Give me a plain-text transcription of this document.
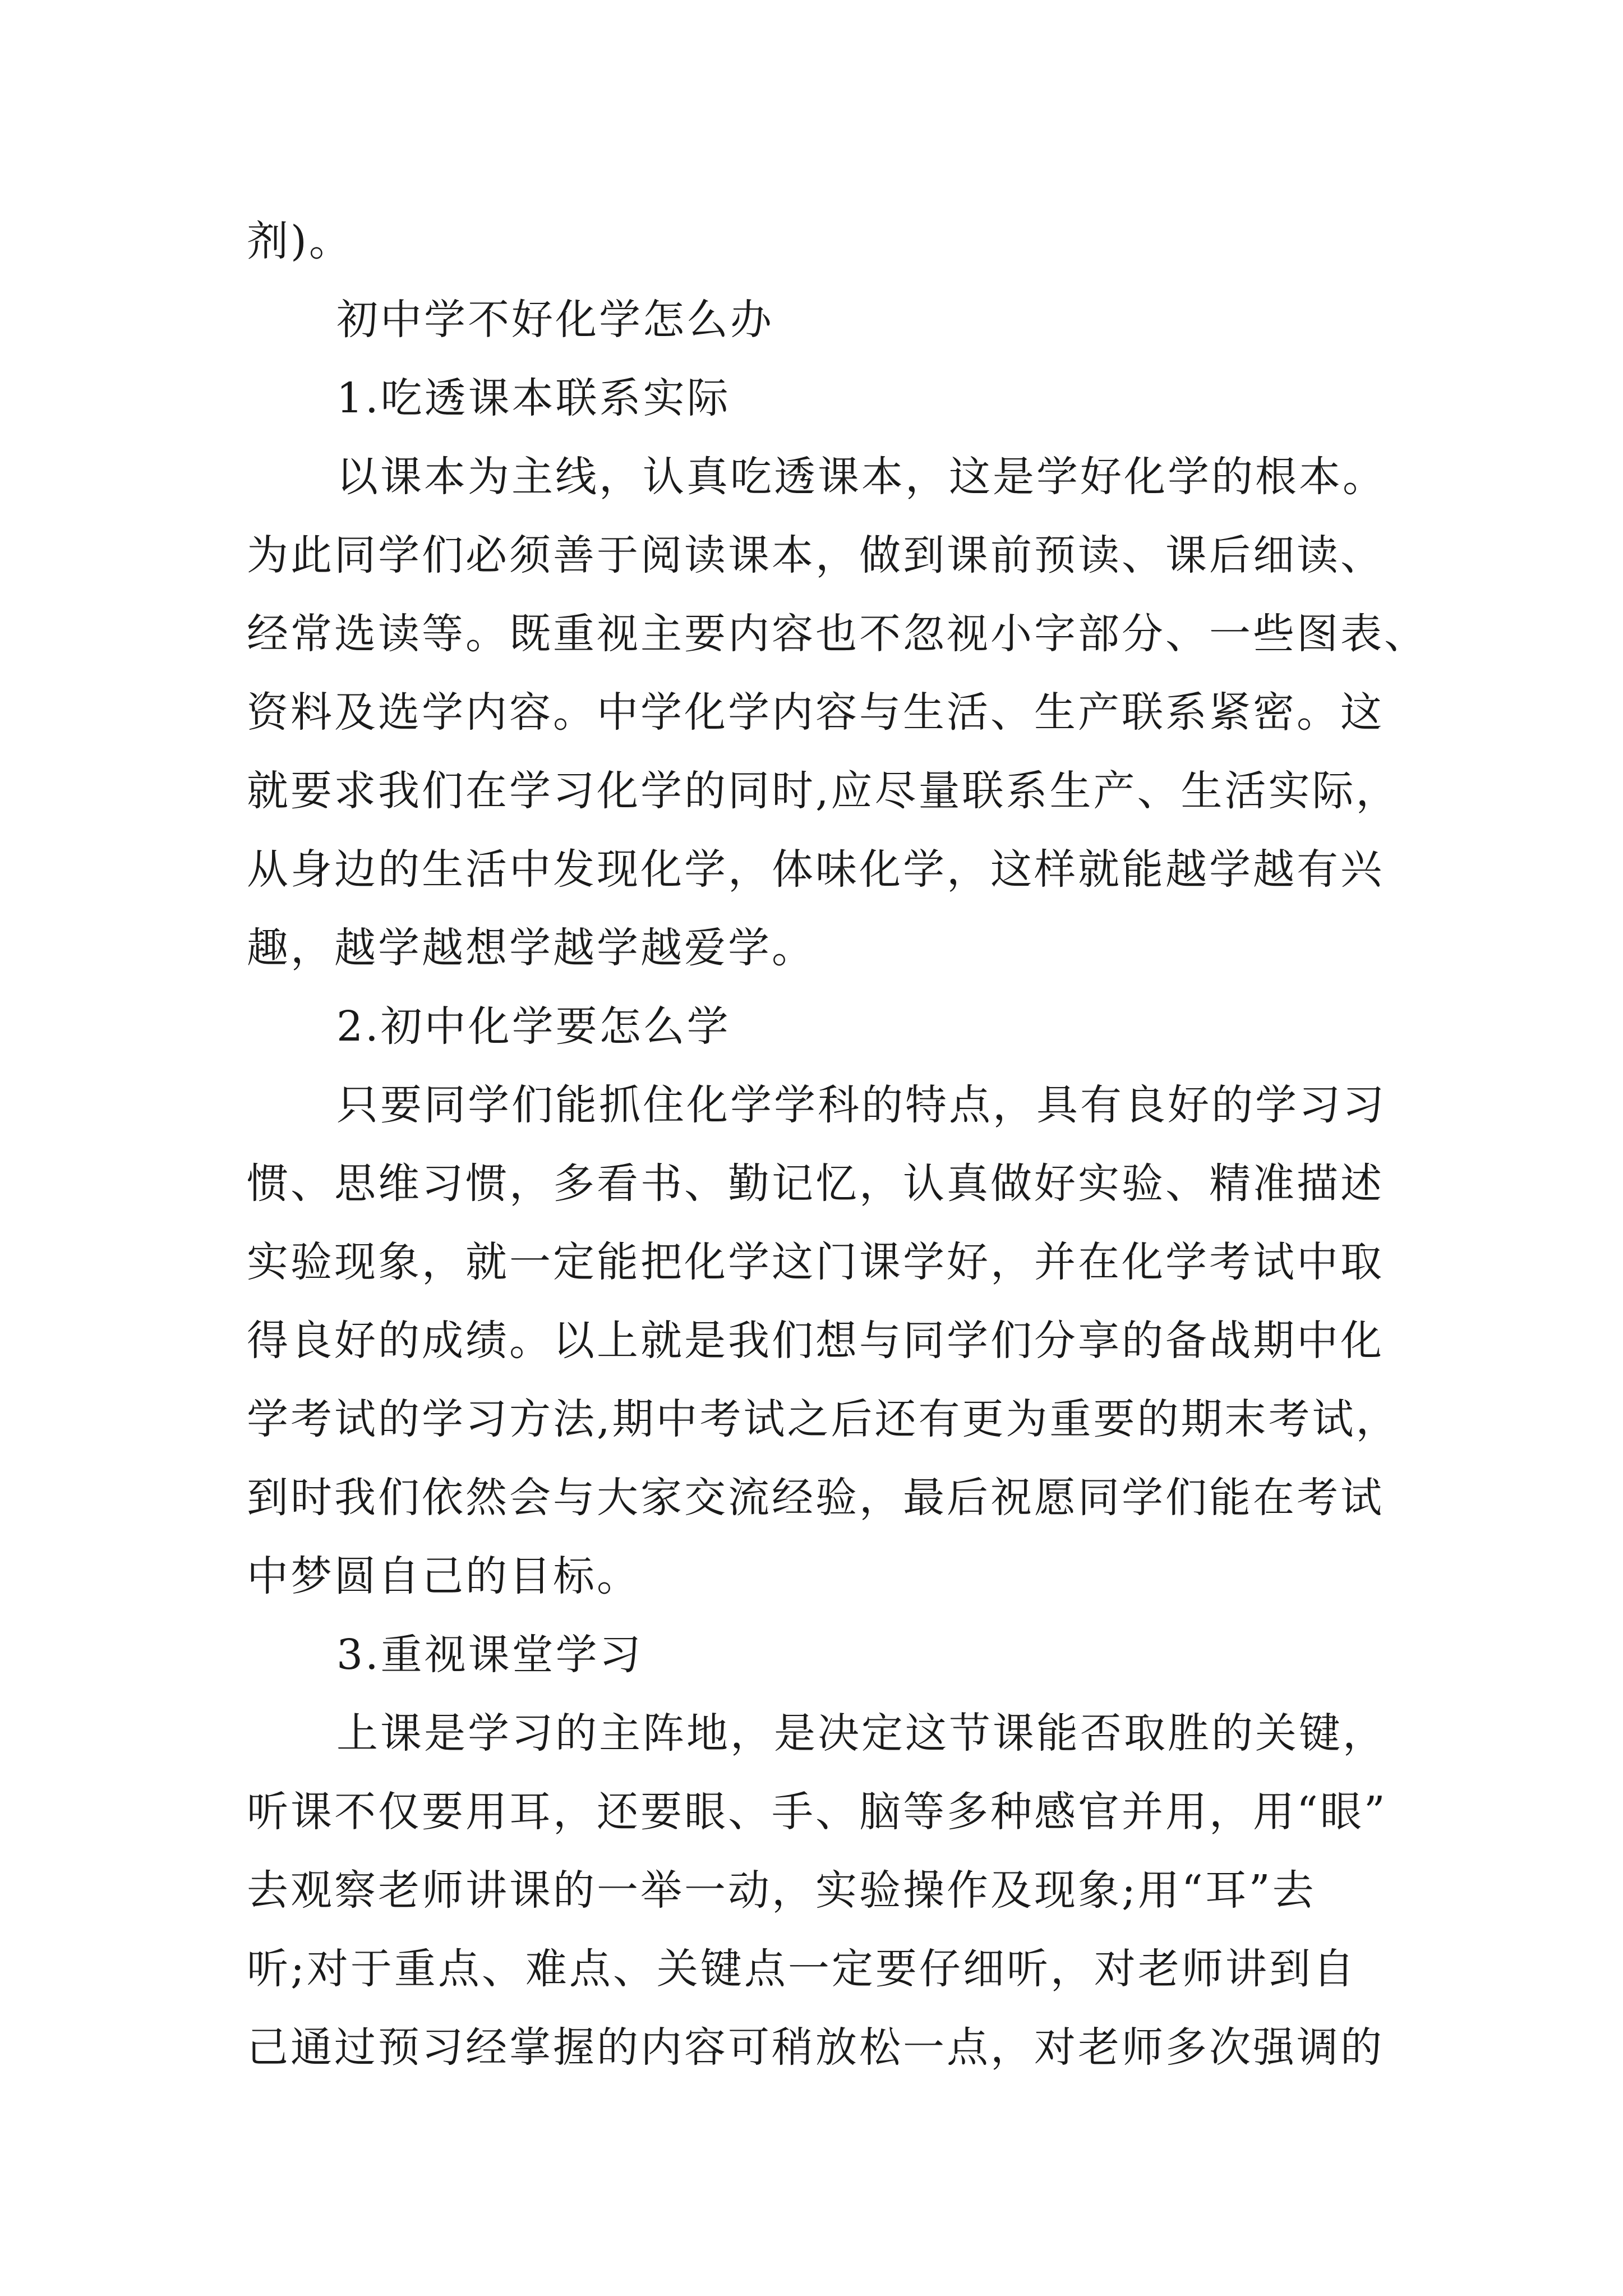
剂)。
初中学不好化学怎么办
1.吃透课本联系实际
以课本为主线，认真吃透课本，这是学好化学的根本。
为此同学们必须善于阅读课本，做到课前预读、课后细读、
经常选读等。既重视主要内容也不忽视小字部分、一些图表、
资料及选学内容。中学化学内容与生活、生产联系紧密。这
就要求我们在学习化学的同时,应尽量联系生产、生活实际，
从身边的生活中发现化学，体味化学，这样就能越学越有兴
趣，越学越想学越学越爱学。
2.初中化学要怎么学
只要同学们能抓住化学学科的特点，具有良好的学习习
惯、思维习惯，多看书、勤记忆，认真做好实验、精准描述
实验现象，就一定能把化学这门课学好，并在化学考试中取
得良好的成绩。以上就是我们想与同学们分享的备战期中化
学考试的学习方法,期中考试之后还有更为重要的期末考试，
到时我们依然会与大家交流经验，最后祝愿同学们能在考试
中梦圆自己的目标。
3.重视课堂学习
上课是学习的主阵地，是决定这节课能否取胜的关键，
听课不仅要用耳，还要眼、手、脑等多种感官并用，用“眼”
去观察老师讲课的一举一动，实验操作及现象;用“耳”去
听;对于重点、难点、关键点一定要仔细听，对老师讲到自
己通过预习经掌握的内容可稍放松一点，对老师多次强调的
